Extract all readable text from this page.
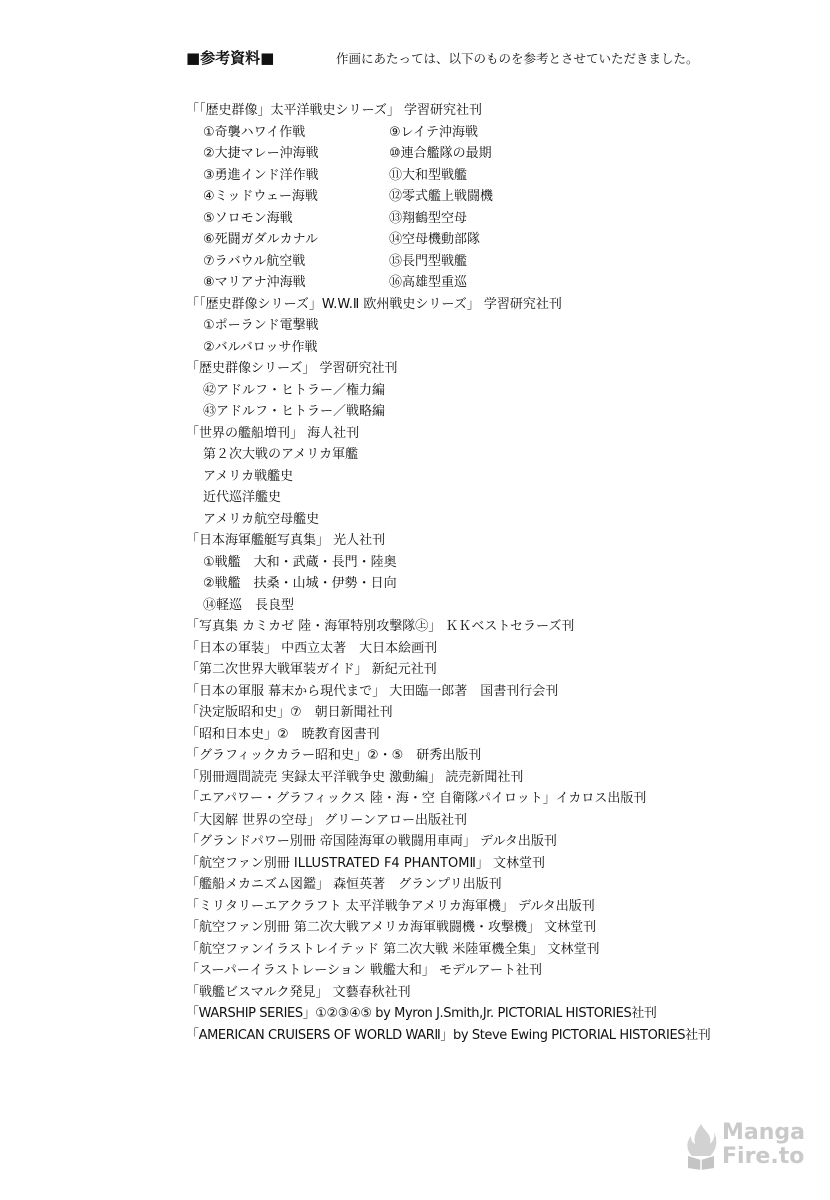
■参考資料■	作画にあたっては、以下のものを参考とさせていただきました。
「「歴史群像」太平洋戦史シリーズ」 学習研究社刊
①奇襲ハワイ作戦	⑨レイテ沖海戦
②大捷マレー沖海戦	⑩連合艦隊の最期
③勇進インド洋作戦	⑪大和型戦艦
④ミッドウェー海戦	⑫零式艦上戦闘機
⑤ソロモン海戦	⑬翔鶴型空母
⑥死闘ガダルカナル	⑭空母機動部隊
⑦ラバウル航空戦	⑮長門型戦艦
⑧マリアナ沖海戦	⑯高雄型重巡
「「歴史群像シリーズ」W.W.Ⅱ 欧州戦史シリーズ」 学習研究社刊
①ポーランド電撃戦
②バルバロッサ作戦
「歴史群像シリーズ」 学習研究社刊
㊷アドルフ・ヒトラー／権力編
㊸アドルフ・ヒトラー／戦略編
「世界の艦船増刊」 海人社刊
第２次大戦のアメリカ軍艦
アメリカ戦艦史
近代巡洋艦史
アメリカ航空母艦史
「日本海軍艦艇写真集」 光人社刊
①戦艦　大和・武蔵・長門・陸奥
②戦艦　扶桑・山城・伊勢・日向
⑭軽巡　長良型
「写真集 カミカゼ 陸・海軍特別攻撃隊㊤」 ＫＫベストセラーズ刊
「日本の軍装」 中西立太著　大日本絵画刊
「第二次世界大戦軍装ガイド」 新紀元社刊
「日本の軍服 幕末から現代まで」 大田臨一郎著　国書刊行会刊
「決定版昭和史」⑦　朝日新聞社刊
「昭和日本史」②　暁教育図書刊
「グラフィックカラー昭和史」②・⑤　研秀出版刊
「別冊週間読売 実録太平洋戦争史 激動編」 読売新聞社刊
「エアパワー・グラフィックス 陸・海・空 自衛隊パイロット」イカロス出版刊
「大図解 世界の空母」 グリーンアロー出版社刊
「グランドパワー別冊 帝国陸海軍の戦闘用車両」 デルタ出版刊
「航空ファン別冊 ILLUSTRATED F4 PHANTOMⅡ」 文林堂刊
「艦船メカニズム図鑑」 森恒英著　グランプリ出版刊
「ミリタリーエアクラフト 太平洋戦争アメリカ海軍機」 デルタ出版刊
「航空ファン別冊 第二次大戦アメリカ海軍戦闘機・攻撃機」 文林堂刊
「航空ファンイラストレイテッド 第二次大戦 米陸軍機全集」 文林堂刊
「スーパーイラストレーション 戦艦大和」 モデルアート社刊
「戦艦ビスマルク発見」 文藝春秋社刊
「WARSHIP SERIES」①②③④⑤ by Myron J.Smith,Jr. PICTORIAL HISTORIES社刊
「AMERICAN CRUISERS OF WORLD WARⅡ」by Steve Ewing PICTORIAL HISTORIES社刊
Manga
Fire.to
